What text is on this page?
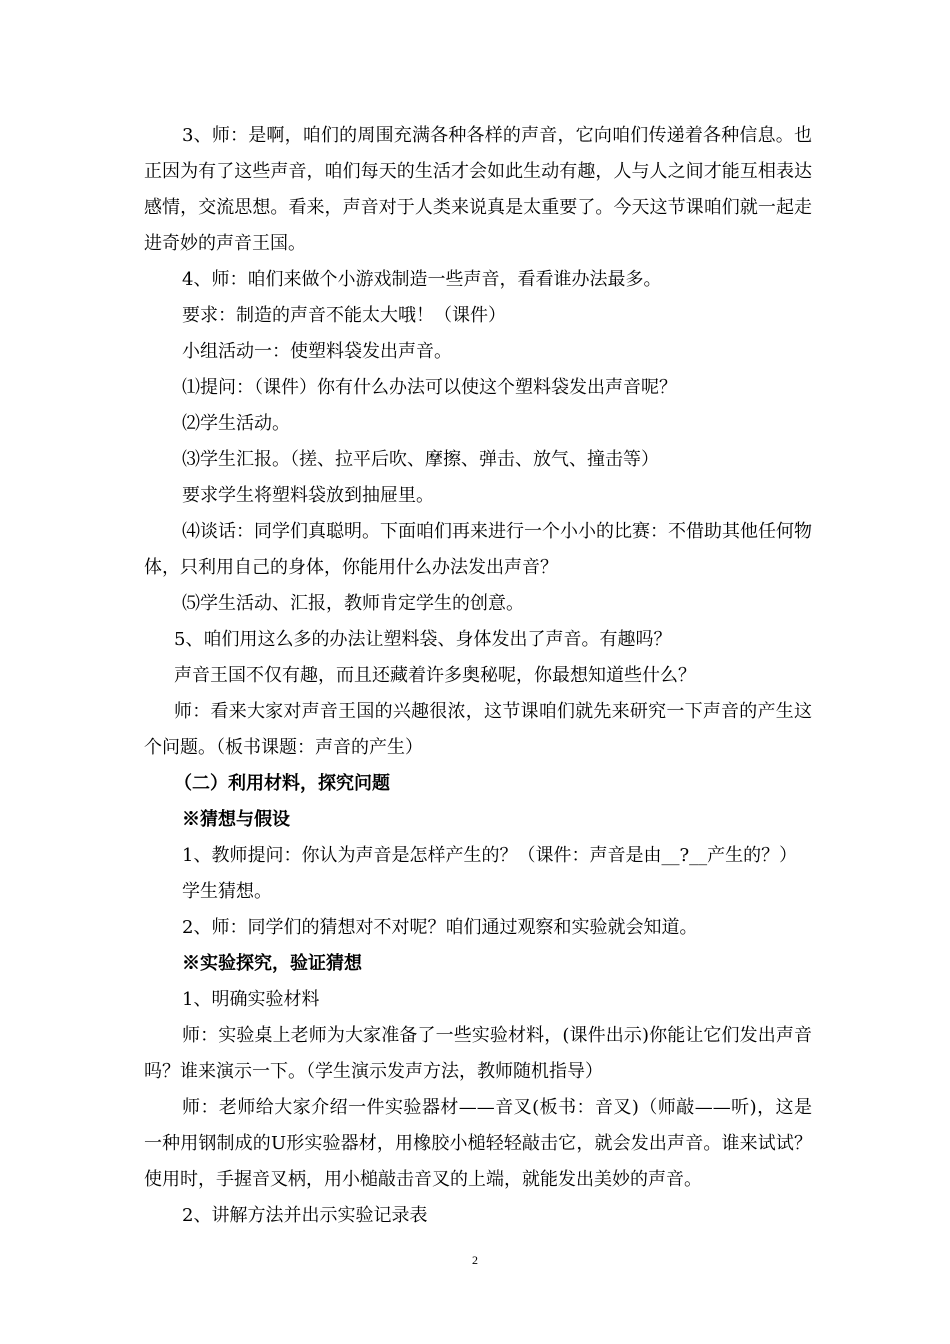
3、师：是啊，咱们的周围充满各种各样的声音，它向咱们传递着各种信息。也正因为有了这些声音，咱们每天的生活才会如此生动有趣，人与人之间才能互相表达感情，交流思想。看来，声音对于人类来说真是太重要了。今天这节课咱们就一起走进奇妙的声音王国。

4、师：咱们来做个小游戏制造一些声音，看看谁办法最多。

要求：制造的声音不能太大哦！（课件）

小组活动一：使塑料袋发出声音。

⑴提问：（课件）你有什么办法可以使这个塑料袋发出声音呢？

⑵学生活动。

⑶学生汇报。（搓、拉平后吹、摩擦、弹击、放气、撞击等）

要求学生将塑料袋放到抽屉里。

⑷谈话：同学们真聪明。下面咱们再来进行一个小小的比赛：不借助其他任何物体，只利用自己的身体，你能用什么办法发出声音？

⑸学生活动、汇报，教师肯定学生的创意。

5、咱们用这么多的办法让塑料袋、身体发出了声音。有趣吗？

声音王国不仅有趣，而且还藏着许多奥秘呢，你最想知道些什么？

师：看来大家对声音王国的兴趣很浓，这节课咱们就先来研究一下声音的产生这个问题。（板书课题：声音的产生）

（二）利用材料，探究问题

※猜想与假设

1、教师提问：你认为声音是怎样产生的？（课件：声音是由__?__产生的？）

学生猜想。

2、师：同学们的猜想对不对呢？咱们通过观察和实验就会知道。

※实验探究，验证猜想

1、明确实验材料

师：实验桌上老师为大家准备了一些实验材料，(课件出示)你能让它们发出声音吗？谁来演示一下。（学生演示发声方法，教师随机指导）

师：老师给大家介绍一件实验器材——音叉(板书：音叉)（师敲——听)，这是一种用钢制成的U形实验器材，用橡胶小槌轻轻敲击它，就会发出声音。谁来试试？使用时，手握音叉柄，用小槌敲击音叉的上端，就能发出美妙的声音。

2、讲解方法并出示实验记录表

2
